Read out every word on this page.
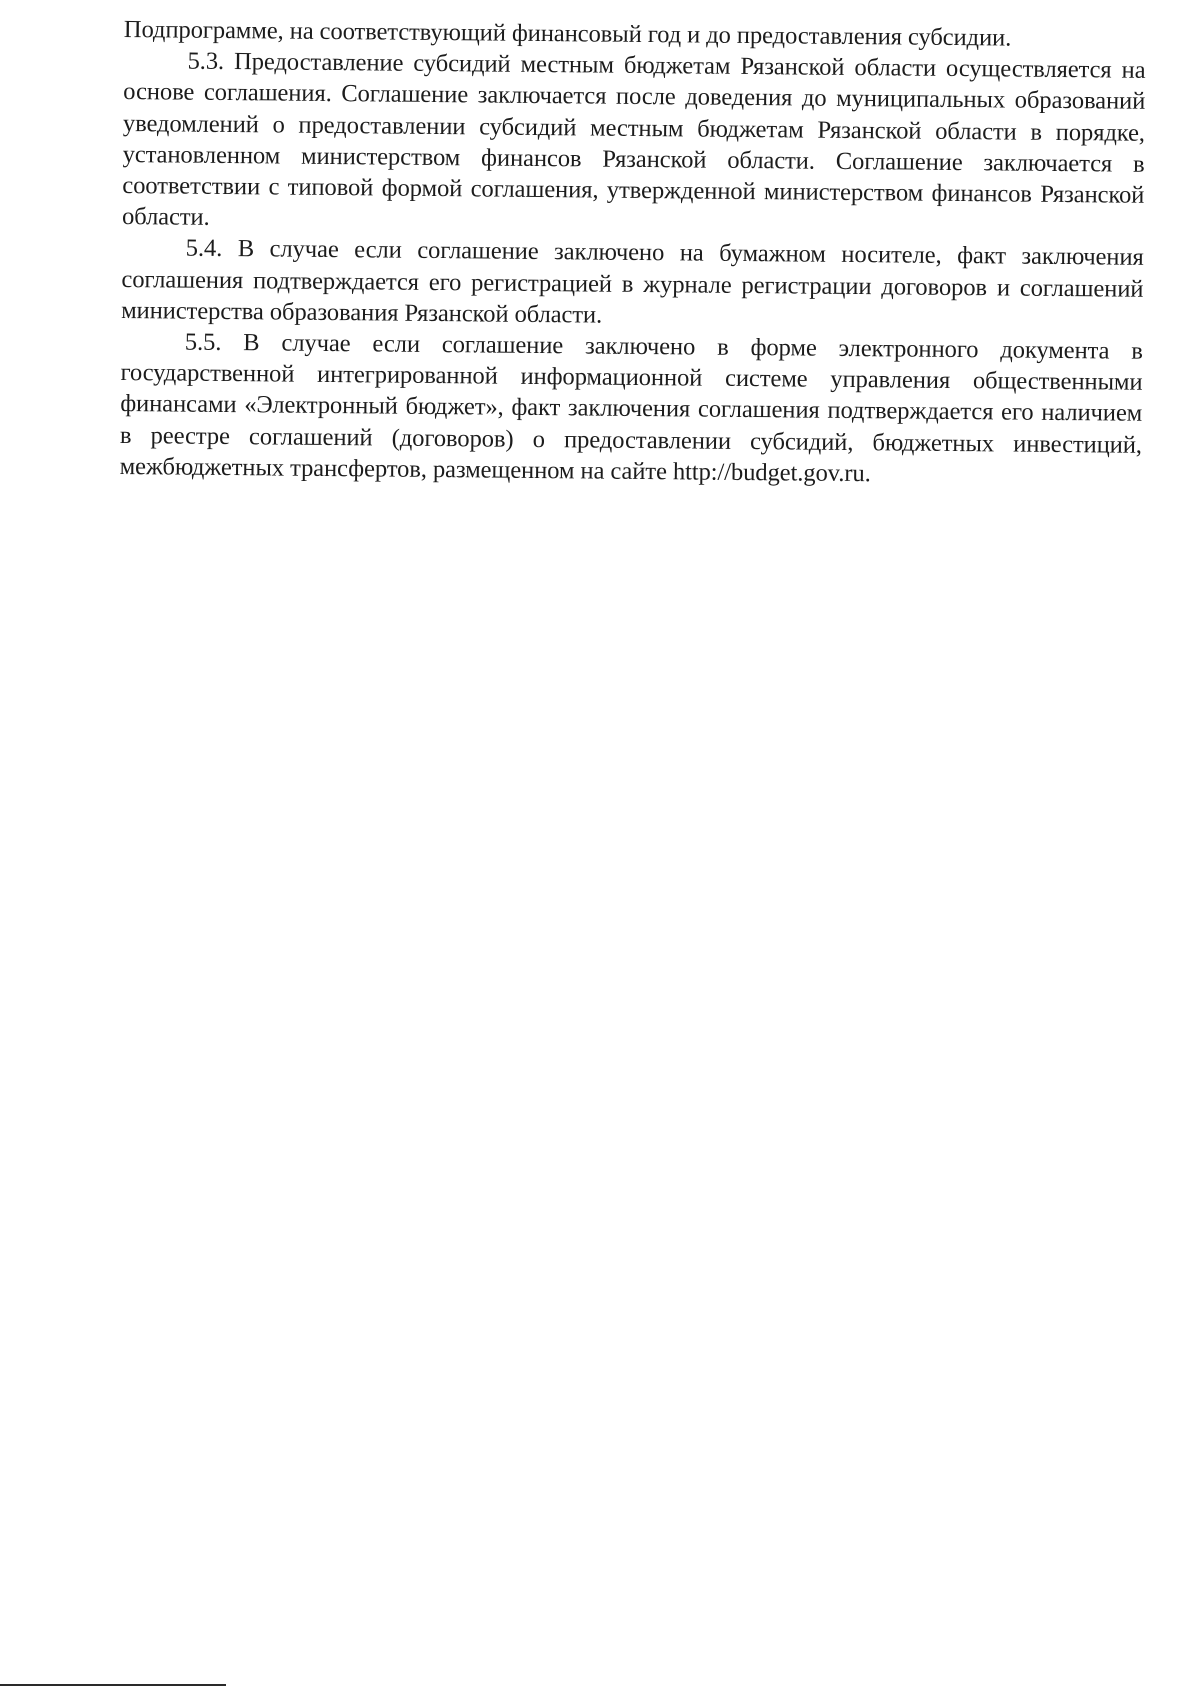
Подпрограмме, на соответствующий финансовый год и до предоставления субсидии.

5.3. Предоставление субсидий местным бюджетам Рязанской области осуществляется на основе соглашения. Соглашение заключается после доведения до муниципальных образований уведомлений о предоставлении субсидий местным бюджетам Рязанской области в порядке, установленном министерством финансов Рязанской области. Соглашение заключается в соответствии с типовой формой соглашения, утвержденной министерством финансов Рязанской области.

5.4. В случае если соглашение заключено на бумажном носителе, факт заключения соглашения подтверждается его регистрацией в журнале регистрации договоров и соглашений министерства образования Рязанской области.

5.5. В случае если соглашение заключено в форме электронного документа в государственной интегрированной информационной системе управления общественными финансами «Электронный бюджет», факт заключения соглашения подтверждается его наличием в реестре соглашений (договоров) о предоставлении субсидий, бюджетных инвестиций, межбюджетных трансфертов, размещенном на сайте http://budget.gov.ru.
